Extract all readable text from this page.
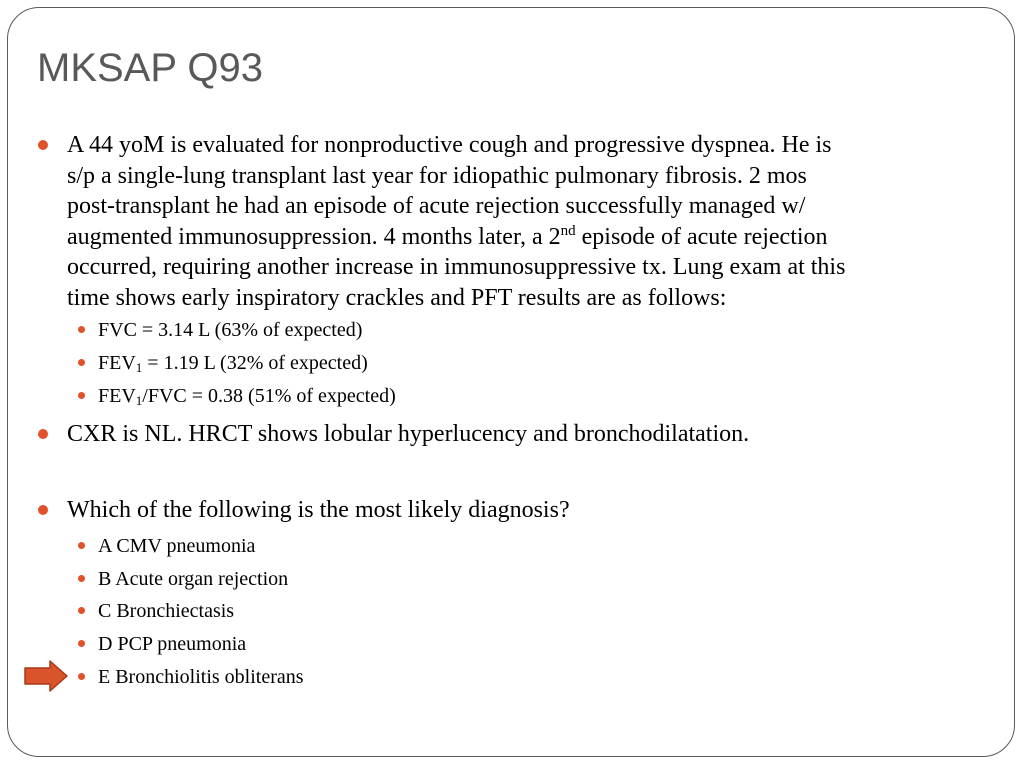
MKSAP Q93
A 44 yoM is evaluated for nonproductive cough and progressive dyspnea. He is
s/p a single-lung transplant last year for idiopathic pulmonary fibrosis. 2 mos
post-transplant he had an episode of acute rejection successfully managed w/
augmented immunosuppression. 4 months later, a 2nd episode of acute rejection
occurred, requiring another increase in immunosuppressive tx. Lung exam at this
time shows early inspiratory crackles and PFT results are as follows:
FVC = 3.14 L (63% of expected)
$FEV_1 = 1.19$ L (32% of expected)
$FEV_1$/FVC = 0.38 (51% of expected)
CXR is NL. HRCT shows lobular hyperlucency and bronchodilatation.
Which of the following is the most likely diagnosis?
A CMV pneumonia
B Acute organ rejection
C Bronchiectasis
D PCP pneumonia
E Bronchiolitis obliterans
